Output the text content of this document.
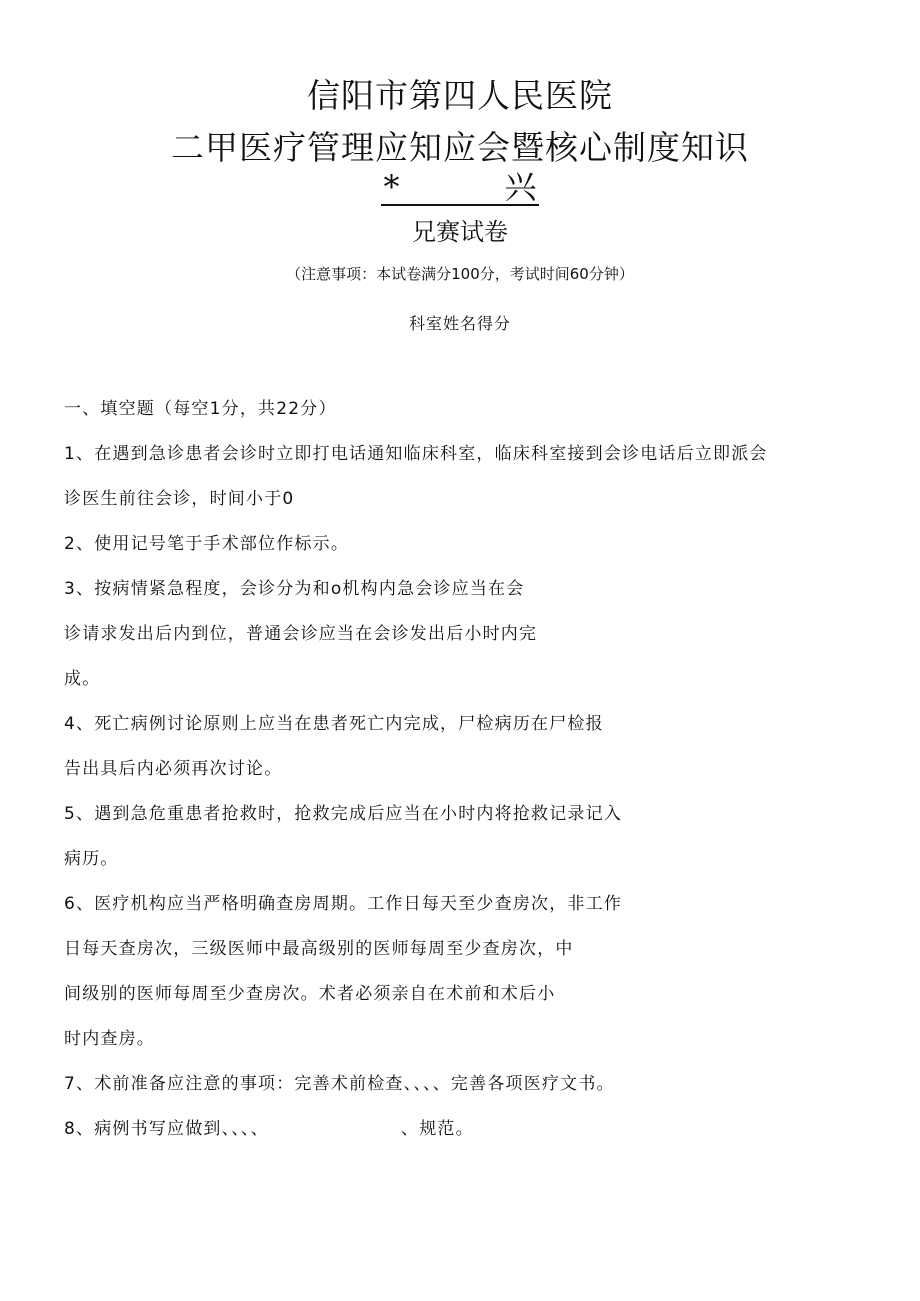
信阳市第四人民医院
二甲医疗管理应知应会暨核心制度知识
*	兴
兄赛试卷
（注意事项：本试卷满分100分，考试时间60分钟）
科室姓名得分
一、填空题（每空1分，共22分）
1、在遇到急诊患者会诊时立即打电话通知临床科室，临床科室接到会诊电话后立即派会
诊医生前往会诊，时间小于0
2、使用记号笔于手术部位作标示。
3、按病情紧急程度，会诊分为和o机构内急会诊应当在会
诊请求发出后内到位，普通会诊应当在会诊发出后小时内完
成。
4、死亡病例讨论原则上应当在患者死亡内完成，尸检病历在尸检报
告出具后内必须再次讨论。
5、遇到急危重患者抢救时，抢救完成后应当在小时内将抢救记录记入
病历。
6、医疗机构应当严格明确查房周期。工作日每天至少查房次，非工作
日每天查房次，三级医师中最高级别的医师每周至少查房次，中
间级别的医师每周至少查房次。术者必须亲自在术前和术后小
时内查房。
7、术前准备应注意的事项：完善术前检查、、、、完善各项医疗文书。
8、病例书写应做到、、、、                    、规范。
